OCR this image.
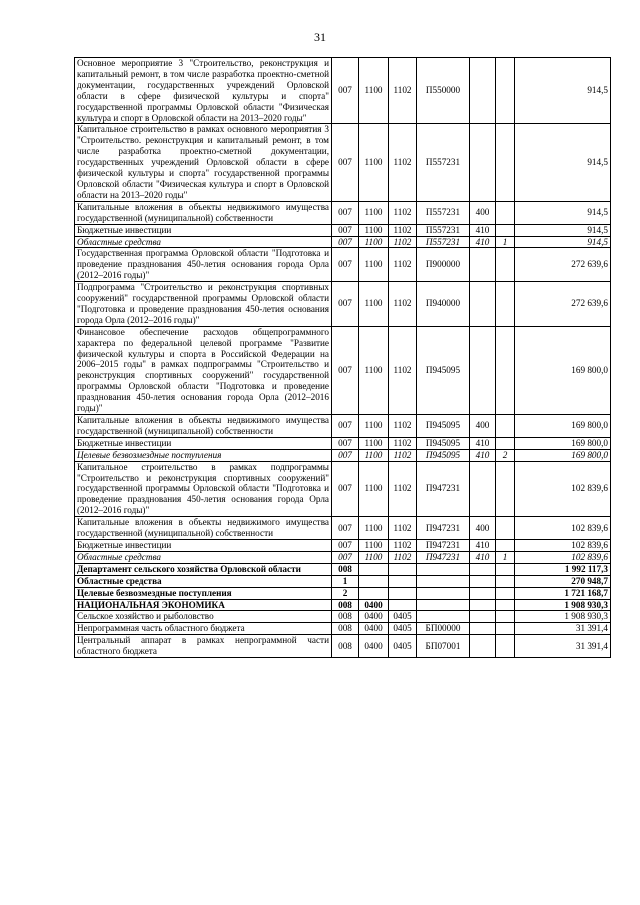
31
Основное мероприятие 3 "Строительство, реконструкция и капитальный ремонт, в том числе разработка проектно-сметной документации, государственных учреждений Орловской области в сфере физической культуры и спорта" государственной программы Орловской области "Физическая культура и спорт в Орловской области на 2013–2020 годы"	007	1100	1102	П550000			914,5
Капитальное строительство в рамках основного мероприятия 3 "Строительство. реконструкция и капитальный ремонт, в том числе разработка проектно-сметной документации, государственных учреждений Орловской области в сфере физической культуры и спорта" государственной программы Орловской области "Физическая культура и спорт в Орловской области на 2013–2020 годы"	007	1100	1102	П557231			914,5
Капитальные вложения в объекты недвижимого имущества государственной (муниципальной) собственности	007	1100	1102	П557231	400		914,5
Бюджетные инвестиции	007	1100	1102	П557231	410		914,5
Областные средства	007	1100	1102	П557231	410	1	914,5
Государственная программа Орловской области "Подготовка и проведение празднования 450-летия основания города Орла (2012–2016 годы)"	007	1100	1102	П900000			272 639,6
Подпрограмма "Строительство и реконструкция спортивных сооружений" государственной программы Орловской области "Подготовка и проведение празднования 450-летия основания города Орла (2012–2016 годы)"	007	1100	1102	П940000			272 639,6
Финансовое обеспечение расходов общепрограммного характера по федеральной целевой программе "Развитие физической культуры и спорта в Российской Федерации на 2006–2015 годы" в рамках подпрограммы "Строительство и реконструкция спортивных сооружений" государственной программы Орловской области "Подготовка и проведение празднования 450-летия основания города Орла (2012–2016 годы)"	007	1100	1102	П945095			169 800,0
Капитальные вложения в объекты недвижимого имущества государственной (муниципальной) собственности	007	1100	1102	П945095	400		169 800,0
Бюджетные инвестиции	007	1100	1102	П945095	410		169 800,0
Целевые безвозмездные поступления	007	1100	1102	П945095	410	2	169 800,0
Капитальное строительство в рамках подпрограммы "Строительство и реконструкция спортивных сооружений" государственной программы Орловской области "Подготовка и проведение празднования 450-летия основания города Орла (2012–2016 годы)"	007	1100	1102	П947231			102 839,6
Капитальные вложения в объекты недвижимого имущества государственной (муниципальной) собственности	007	1100	1102	П947231	400		102 839,6
Бюджетные инвестиции	007	1100	1102	П947231	410		102 839,6
Областные средства	007	1100	1102	П947231	410	1	102 839,6
Департамент сельского хозяйства Орловской области	008						1 992 117,3
Областные средства	1						270 948,7
Целевые безвозмездные поступления	2						1 721 168,7
НАЦИОНАЛЬНАЯ ЭКОНОМИКА	008	0400					1 908 930,3
Сельское хозяйство и рыболовство	008	0400	0405				1 908 930,3
Непрограммная часть областного бюджета	008	0400	0405	БП00000			31 391,4
Центральный аппарат в рамках непрограммной части областного бюджета	008	0400	0405	БП07001			31 391,4
